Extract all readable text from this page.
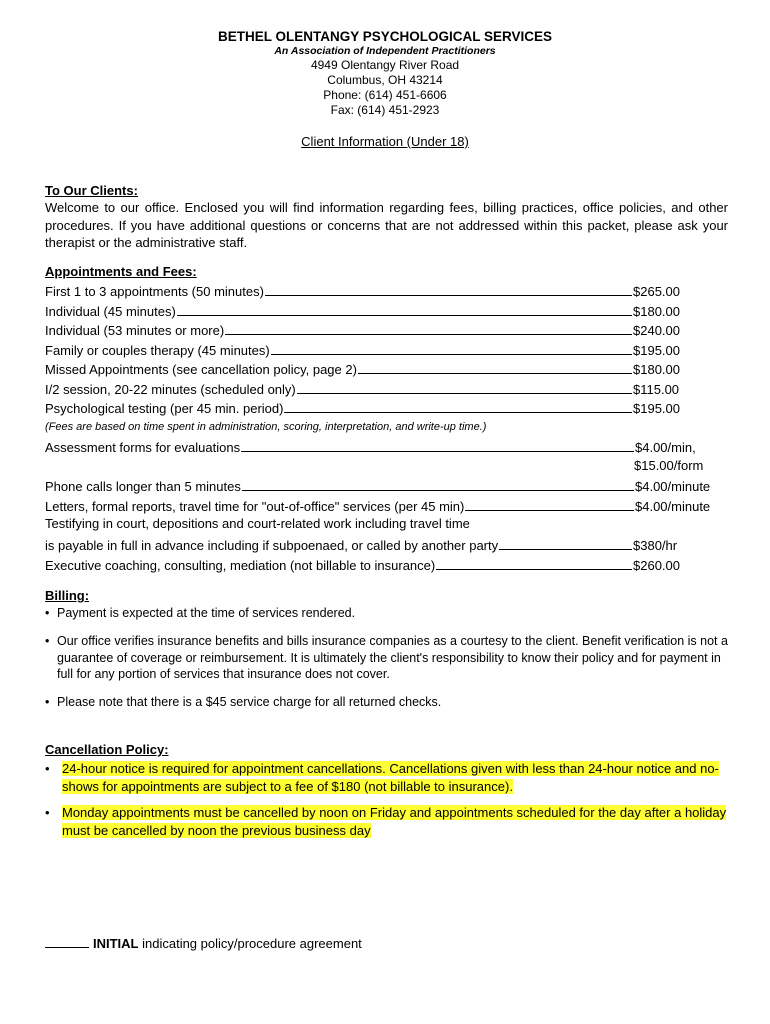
BETHEL OLENTANGY PSYCHOLOGICAL SERVICES
An Association of Independent Practitioners
4949 Olentangy River Road
Columbus, OH 43214
Phone: (614) 451-6606
Fax: (614) 451-2923
Client Information (Under 18)
To Our Clients:
Welcome to our office. Enclosed you will find information regarding fees, billing practices, office policies, and other procedures. If you have additional questions or concerns that are not addressed within this packet, please ask your therapist or the administrative staff.
Appointments and Fees:
First 1 to 3 appointments (50 minutes)	$265.00
Individual (45 minutes)	$180.00
Individual (53 minutes or more)	$240.00
Family or couples therapy (45 minutes)	$195.00
Missed Appointments (see cancellation policy, page 2)	$180.00
I/2 session, 20-22 minutes (scheduled only)	$115.00
Psychological testing (per 45 min. period)	$195.00
(Fees are based on time spent in administration, scoring, interpretation, and write-up time.)
Assessment forms for evaluations	$4.00/min,
$15.00/form
Phone calls longer than 5 minutes	$4.00/minute
Letters, formal reports, travel time for "out-of-office" services (per 45 min)	$4.00/minute
Testifying in court, depositions and court-related work including travel time
is payable in full in advance including if subpoenaed, or called by another party	$380/hr
Executive coaching, consulting, mediation (not billable to insurance)	$260.00
Billing:
• Payment is expected at the time of services rendered.
• Our office verifies insurance benefits and bills insurance companies as a courtesy to the client. Benefit verification is not a guarantee of coverage or reimbursement. It is ultimately the client's responsibility to know their policy and for payment in full for any portion of services that insurance does not cover.
• Please note that there is a $45 service charge for all returned checks.
Cancellation Policy:
• 24-hour notice is required for appointment cancellations. Cancellations given with less than 24-hour notice and no-shows for appointments are subject to a fee of $180 (not billable to insurance).
• Monday appointments must be cancelled by noon on Friday and appointments scheduled for the day after a holiday must be cancelled by noon the previous business day
INITIAL indicating policy/procedure agreement
